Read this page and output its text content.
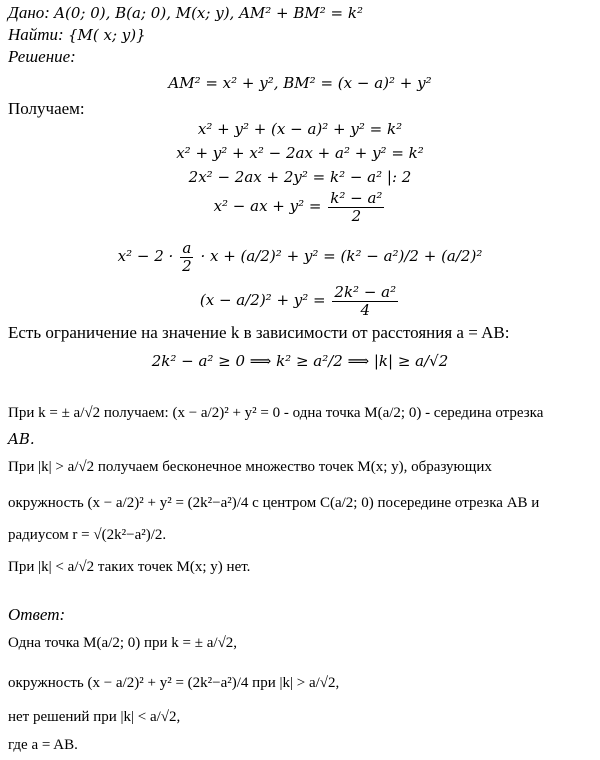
Дано: A(0; 0), B(a; 0), M(x; y), AM² + BM² = k²
Найти: {M( x; y)}
Решение:
AM² = x² + y², BM² = (x − a)² + y²
Получаем:
x² + y² + (x − a)² + y² = k²
x² + y² + x² − 2ax + a² + y² = k²
2x² − 2ax + 2y² = k² − a² |: 2
x² − ax + $y^2 = \frac{\text{k² − a²}}{2}$
$x^2 - 2 \cdot \frac{a}{2} \cdot x + (a/2)^2 + y^2 = (k^2 - a^2)/2 + (a/2)^2$
$(x - a/2)^2 + y^2 = \frac{\text{2k² − a²}}{4}$
Есть ограничение на значение k в зависимости от расстояния a = AB:
2k² − a² ≥ 0 ⟹ k² ≥ a²/2 ⟹ |k| ≥ a/√2
При k = ± a/√2 получаем: (x − a/2)² + y² = 0 - одна точка M(a/2; 0) - середина отрезка
AB.
При |k| > a/√2 получаем бесконечное множество точек M(x; y), образующих
окружность (x − a/2)² + y² = (2k²−a²)/4 с центром C(a/2; 0) посередине отрезка AB и
радиусом r = √(2k²−a²)/2.
При |k| < a/√2 таких точек M(x; y) нет.
Ответ:
Одна точка M(a/2; 0) при k = ± a/√2,
окружность (x − a/2)² + y² = (2k²−a²)/4 при |k| > a/√2,
нет решений при |k| < a/√2,
где a = AB.
